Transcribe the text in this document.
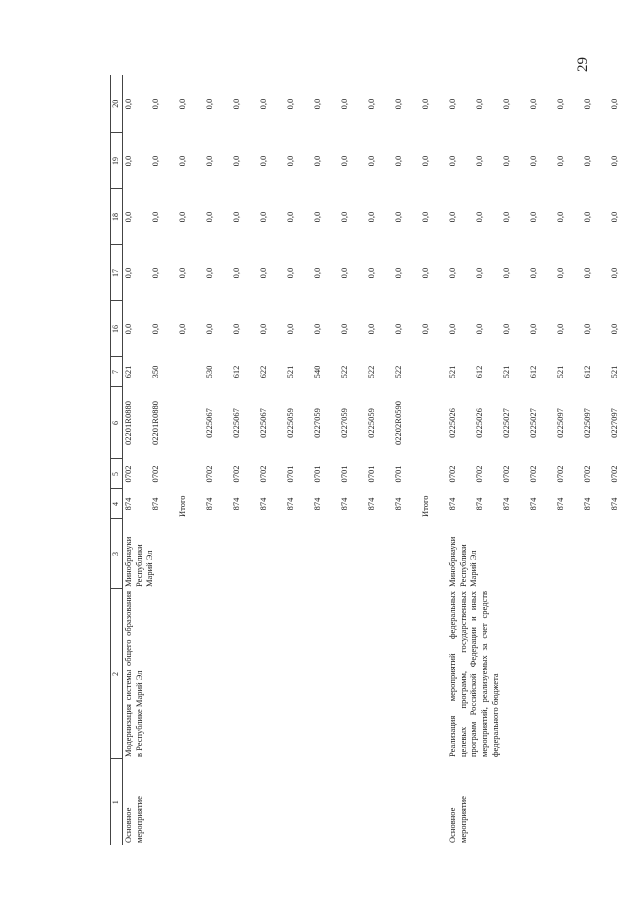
29
1	2	3	4	5	6	7	16	17	18	19	20
Основное мероприятие	Модернизация системы общего образования в Республике Марий Эл	Минобрнауки Республики Марий Эл	874	0702	02201R0880	621	0,0	0,0	0,0	0,0	0,0
			874	0702	02201R0880	350	0,0	0,0	0,0	0,0	0,0
			Итого				0,0	0,0	0,0	0,0	0,0
			874	0702	0225067	530	0,0	0,0	0,0	0,0	0,0
			874	0702	0225067	612	0,0	0,0	0,0	0,0	0,0
			874	0702	0225067	622	0,0	0,0	0,0	0,0	0,0
			874	0701	0225059	521	0,0	0,0	0,0	0,0	0,0
			874	0701	0227059	540	0,0	0,0	0,0	0,0	0,0
			874	0701	0227059	522	0,0	0,0	0,0	0,0	0,0
			874	0701	0225059	522	0,0	0,0	0,0	0,0	0,0
			874	0701	02202R0590	522	0,0	0,0	0,0	0,0	0,0
			Итого				0,0	0,0	0,0	0,0	0,0
Основное мероприятие	Реализация мероприятий федеральных целевых программ, государственных программ Российской Федерации и иных мероприятий, реализуемых за счет средств федерального бюджета	Минобрнауки Республики Марий Эл	874	0702	0225026	521	0,0	0,0	0,0	0,0	0,0
			874	0702	0225026	612	0,0	0,0	0,0	0,0	0,0
			874	0702	0225027	521	0,0	0,0	0,0	0,0	0,0
			874	0702	0225027	612	0,0	0,0	0,0	0,0	0,0
			874	0702	0225097	521	0,0	0,0	0,0	0,0	0,0
			874	0702	0225097	612	0,0	0,0	0,0	0,0	0,0
			874	0702	0227097	521	0,0	0,0	0,0	0,0	0,0
